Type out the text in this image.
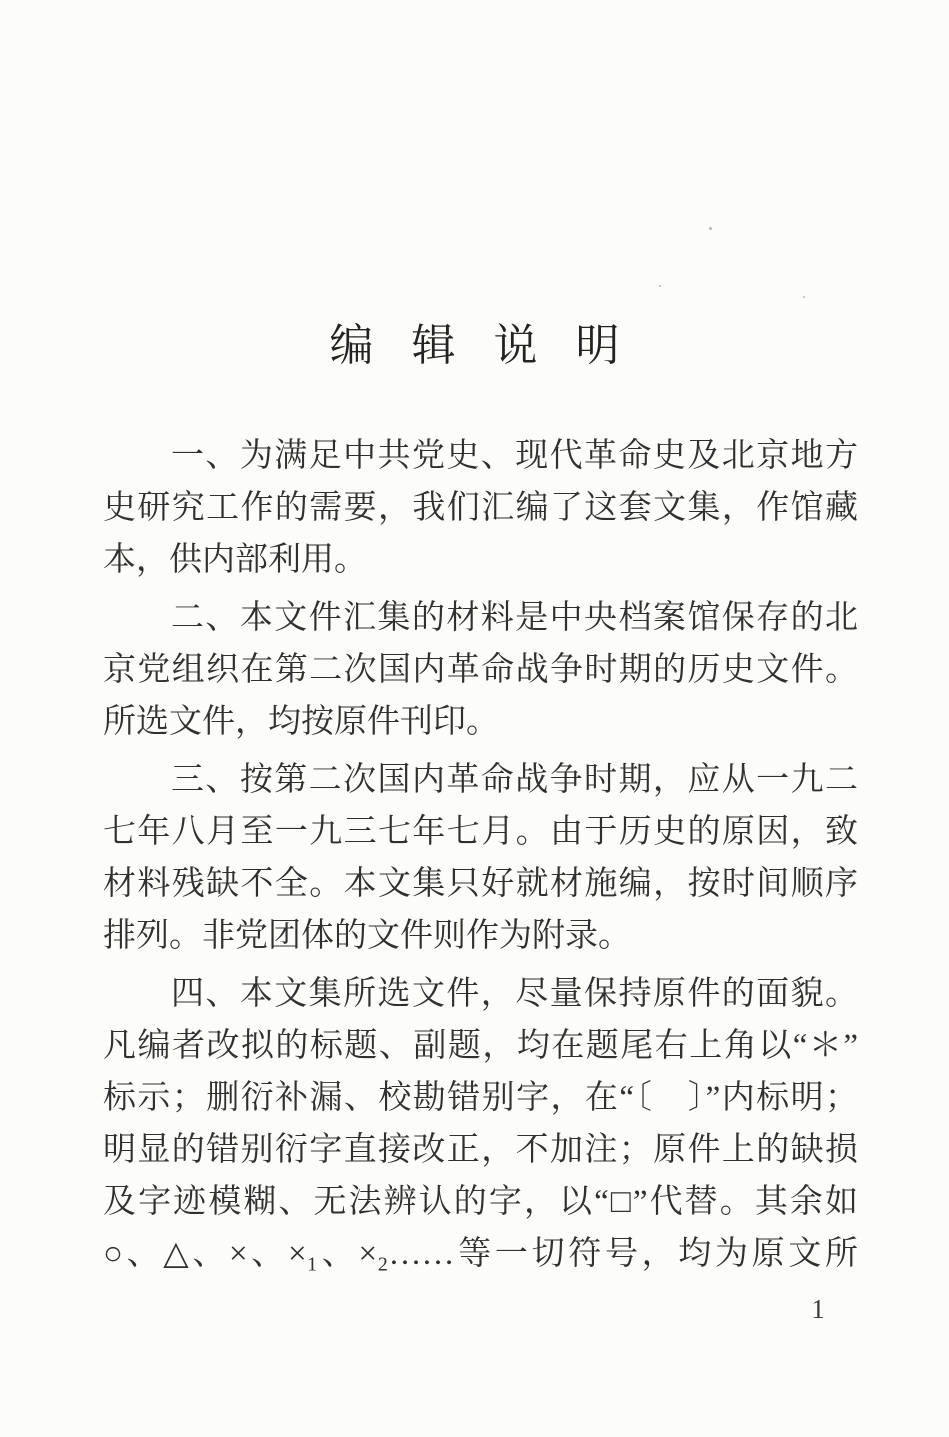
编辑说明
一、为满足中共党史、现代革命史及北京地方
史研究工作的需要，我们汇编了这套文集，作馆藏
本，供内部利用。
二、本文件汇集的材料是中央档案馆保存的北
京党组织在第二次国内革命战争时期的历史文件。
所选文件，均按原件刊印。
三、按第二次国内革命战争时期，应从一九二
七年八月至一九三七年七月。由于历史的原因，致
材料残缺不全。本文集只好就材施编，按时间顺序
排列。非党团体的文件则作为附录。
四、本文集所选文件，尽量保持原件的面貌。
凡编者改拟的标题、副题，均在题尾右上角以“＊”
标示；删衍补漏、校勘错别字，在“〔　〕”内标明；
明显的错别衍字直接改正，不加注；原件上的缺损
及字迹模糊、无法辨认的字，以“□”代替。其余如
○、△、×、×₁、×₂……等一切符号，均为原文所
1
